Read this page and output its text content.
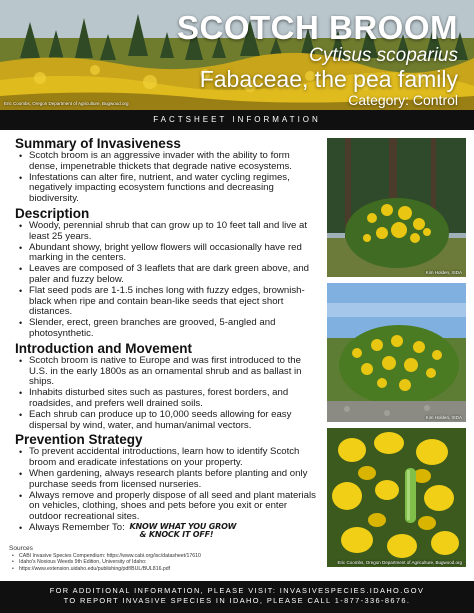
SCOTCH BROOM
Cytisus scoparius
Fabaceae, the pea family
Category: Control
Eric Coombs, Oregon Department of Agriculture, Bugwood.org
FACTSHEET INFORMATION
Summary of Invasiveness
• Scotch broom is an aggressive invader with the ability to form dense, impenetrable thickets that degrade native ecosystems.
• Infestations can alter fire, nutrient, and water cycling regimes, negatively impacting ecosystem functions and decreasing biodiversity.
Description
• Woody, perennial shrub that can grow up to 10 feet tall and live at least 25 years.
• Abundant showy, bright yellow flowers will occasionally have red marking in the centers.
• Leaves are composed of 3 leaflets that are dark green above, and paler and fuzzy below.
• Flat seed pods are 1-1.5 inches long with fuzzy edges, brownish-black when ripe and contain bean-like seeds that eject short distances.
• Slender, erect, green branches are grooved, 5-angled and photosynthetic.
Introduction and Movement
• Scotch broom is native to Europe and was first introduced to the U.S. in the early 1800s as an ornamental shrub and as ballast in ships.
• Inhabits disturbed sites such as pastures, forest borders, and roadsides, and prefers well drained soils.
• Each shrub can produce up to 10,000 seeds allowing for easy dispersal by wind, water, and human/animal vectors.
Prevention Strategy
• To prevent accidental introductions, learn how to identify Scotch broom and eradicate infestations on your property.
• When gardening, always research plants before planting and only purchase seeds from licensed nurseries.
• Always remove and properly dispose of all seed and plant materials on vehicles, clothing, shoes and pets before you exit or enter outdoor recreational sites.
• Always Remember To: KNOW WHAT YOU GROW
& KNOCK IT OFF!
Kim Holden, ISDA
Kim Holden, ISDA
Eric Coombs, Oregon Department of Agriculture, Bugwood.org
Sources
• CABI Invasive Species Compendium: https://www.cabi.org/isc/datasheet/17610
• Idaho's Noxious Weeds 9th Edition, University of Idaho:
• https://www.extension.uidaho.edu/publishing/pdf/BUL/BUL816.pdf
FOR ADDITIONAL INFORMATION, PLEASE VISIT: INVASIVESPECIES.IDAHO.GOV
TO REPORT INVASIVE SPECIES IN IDAHO, PLEASE CALL 1-877-336-8676.
